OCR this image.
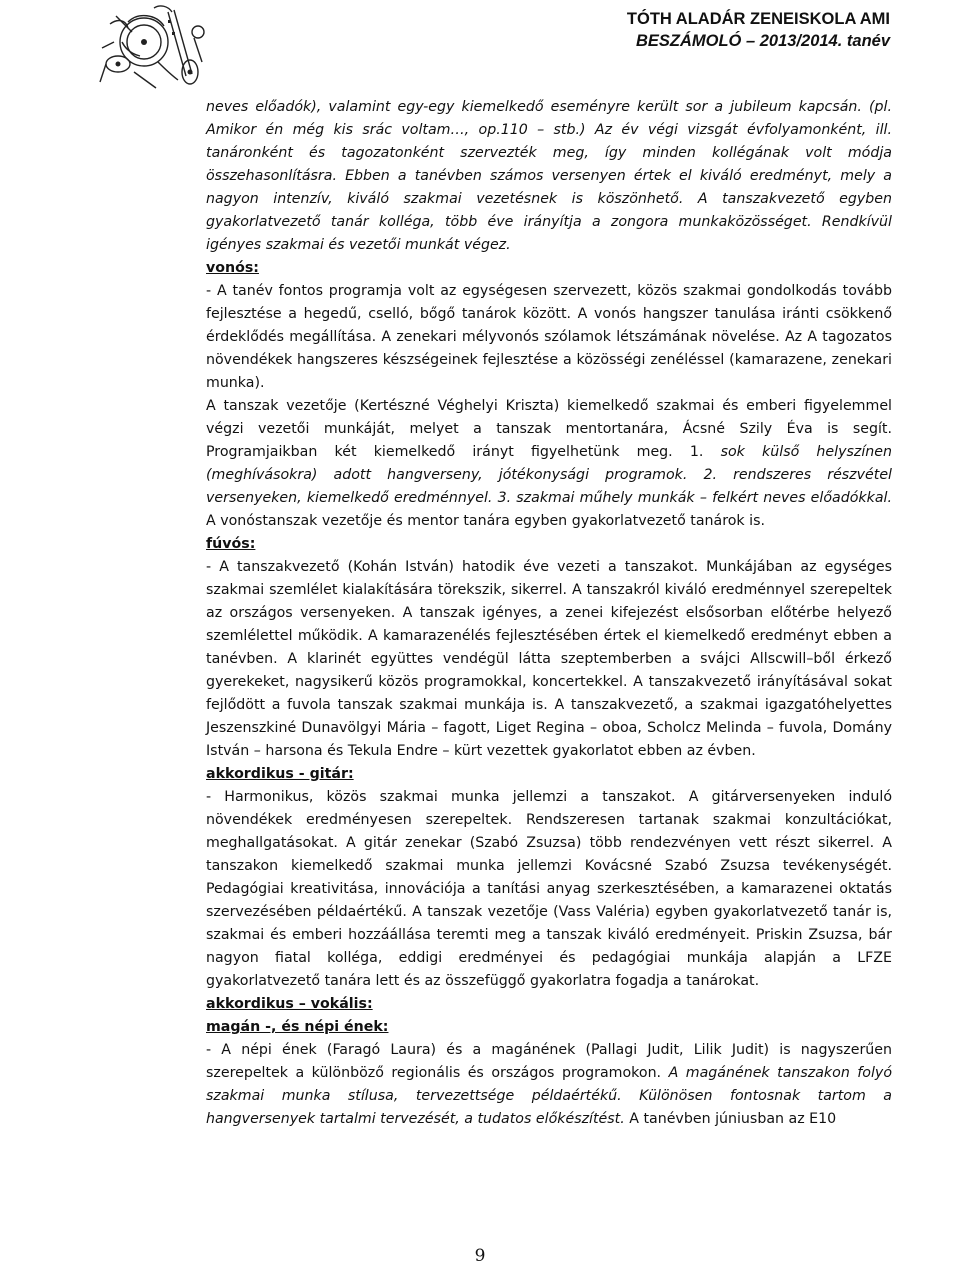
TÓTH ALADÁR ZENEISKOLA AMI
BESZÁMOLÓ – 2013/2014. tanév

neves előadók), valamint egy-egy kiemelkedő eseményre került sor a jubileum kapcsán. (pl. Amikor én még kis srác voltam…, op.110 – stb.) Az év végi vizsgát évfolyamonként, ill. tanáronként és tagozatonként szervezték meg, így minden kollégának volt módja összehasonlításra. Ebben a tanévben számos versenyen értek el kiváló eredményt, mely a nagyon intenzív, kiváló szakmai vezetésnek is köszönhető. A tanszakvezető egyben gyakorlatvezető tanár kolléga, több éve irányítja a zongora munkaközösséget. Rendkívül igényes szakmai és vezetői munkát végez.

vonós:

- A tanév fontos programja volt az egységesen szervezett, közös szakmai gondolkodás tovább fejlesztése a hegedű, cselló, bőgő tanárok között. A vonós hangszer tanulása iránti csökkenő érdeklődés megállítása. A zenekari mélyvonós szólamok létszámának növelése. Az A tagozatos növendékek hangszeres készségeinek fejlesztése a közösségi zenéléssel (kamarazene, zenekari munka).

A tanszak vezetője (Kertészné Véghelyi Kriszta) kiemelkedő szakmai és emberi figyelemmel végzi vezetői munkáját, melyet a tanszak mentortanára, Ácsné Szily Éva is segít. Programjaikban két kiemelkedő irányt figyelhetünk meg. 1. sok külső helyszínen (meghívásokra) adott hangverseny, jótékonysági programok. 2. rendszeres részvétel versenyeken, kiemelkedő eredménnyel. 3. szakmai műhely munkák – felkért neves előadókkal. A vonóstanszak vezetője és mentor tanára egyben gyakorlatvezető tanárok is.

fúvós:

- A tanszakvezető (Kohán István) hatodik éve vezeti a tanszakot. Munkájában az egységes szakmai szemlélet kialakítására törekszik, sikerrel. A tanszakról kiváló eredménnyel szerepeltek az országos versenyeken. A tanszak igényes, a zenei kifejezést elsősorban előtérbe helyező szemlélettel működik. A kamarazenélés fejlesztésében értek el kiemelkedő eredményt ebben a tanévben. A klarinét együttes vendégül látta szeptemberben a svájci Allscwill–ből érkező gyerekeket, nagysikerű közös programokkal, koncertekkel. A tanszakvezető irányításával sokat fejlődött a fuvola tanszak szakmai munkája is. A tanszakvezető, a szakmai igazgatóhelyettes Jeszenszkiné Dunavölgyi Mária – fagott, Liget Regina – oboa, Scholcz Melinda – fuvola, Domány István – harsona és Tekula Endre – kürt vezettek gyakorlatot ebben az évben.

akkordikus - gitár:

- Harmonikus, közös szakmai munka jellemzi a tanszakot. A gitárversenyeken induló növendékek eredményesen szerepeltek. Rendszeresen tartanak szakmai konzultációkat, meghallgatásokat. A gitár zenekar (Szabó Zsuzsa) több rendezvényen vett részt sikerrel. A tanszakon kiemelkedő szakmai munka jellemzi Kovácsné Szabó Zsuzsa tevékenységét. Pedagógiai kreativitása, innovációja a tanítási anyag szerkesztésében, a kamarazenei oktatás szervezésében példaértékű. A tanszak vezetője (Vass Valéria) egyben gyakorlatvezető tanár is, szakmai és emberi hozzáállása teremti meg a tanszak kiváló eredményeit. Priskin Zsuzsa, bár nagyon fiatal kolléga, eddigi eredményei és pedagógiai munkája alapján a LFZE gyakorlatvezető tanára lett és az összefüggő gyakorlatra fogadja a tanárokat.

akkordikus – vokális:
magán -, és népi ének:

- A népi ének (Faragó Laura) és a magánének (Pallagi Judit, Lilik Judit) is nagyszerűen szerepeltek a különböző regionális és országos programokon. A magánének tanszakon folyó szakmai munka stílusa, tervezettsége példaértékű. Különösen fontosnak tartom a hangversenyek tartalmi tervezését, a tudatos előkészítést. A tanévben júniusban az E10

9
